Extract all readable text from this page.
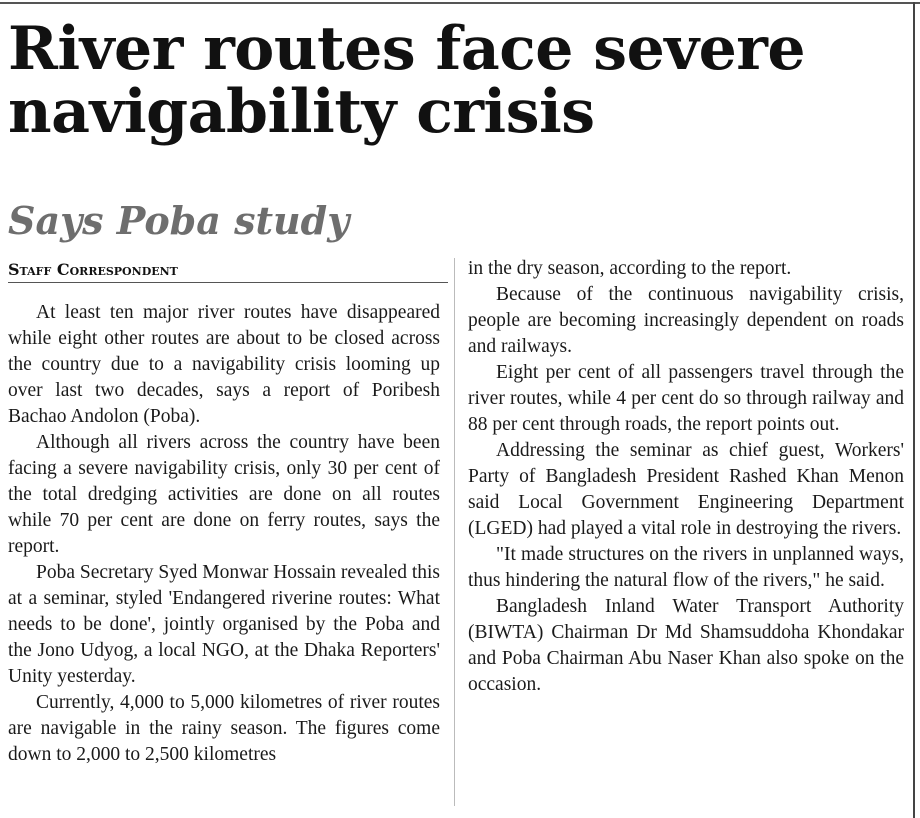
River routes face severe navigability crisis
Says Poba study
Staff Correspondent

At least ten major river routes have disappeared while eight other routes are about to be closed across the country due to a navigability crisis looming up over last two decades, says a report of Poribesh Bachao Andolon (Poba).

Although all rivers across the country have been facing a severe navigability crisis, only 30 per cent of the total dredging activities are done on all routes while 70 per cent are done on ferry routes, says the report.

Poba Secretary Syed Monwar Hossain revealed this at a seminar, styled 'Endangered riverine routes: What needs to be done', jointly organised by the Poba and the Jono Udyog, a local NGO, at the Dhaka Reporters' Unity yesterday.

Currently, 4,000 to 5,000 kilometres of river routes are navigable in the rainy season. The figures come down to 2,000 to 2,500 kilometres

in the dry season, according to the report.

Because of the continuous navigability crisis, people are becoming increasingly dependent on roads and railways.

Eight per cent of all passengers travel through the river routes, while 4 per cent do so through railway and 88 per cent through roads, the report points out.

Addressing the seminar as chief guest, Workers' Party of Bangladesh President Rashed Khan Menon said Local Government Engineering Department (LGED) had played a vital role in destroying the rivers.

"It made structures on the rivers in unplanned ways, thus hindering the natural flow of the rivers," he said.

Bangladesh Inland Water Transport Authority (BIWTA) Chairman Dr Md Shamsuddoha Khondakar and Poba Chairman Abu Naser Khan also spoke on the occasion.
